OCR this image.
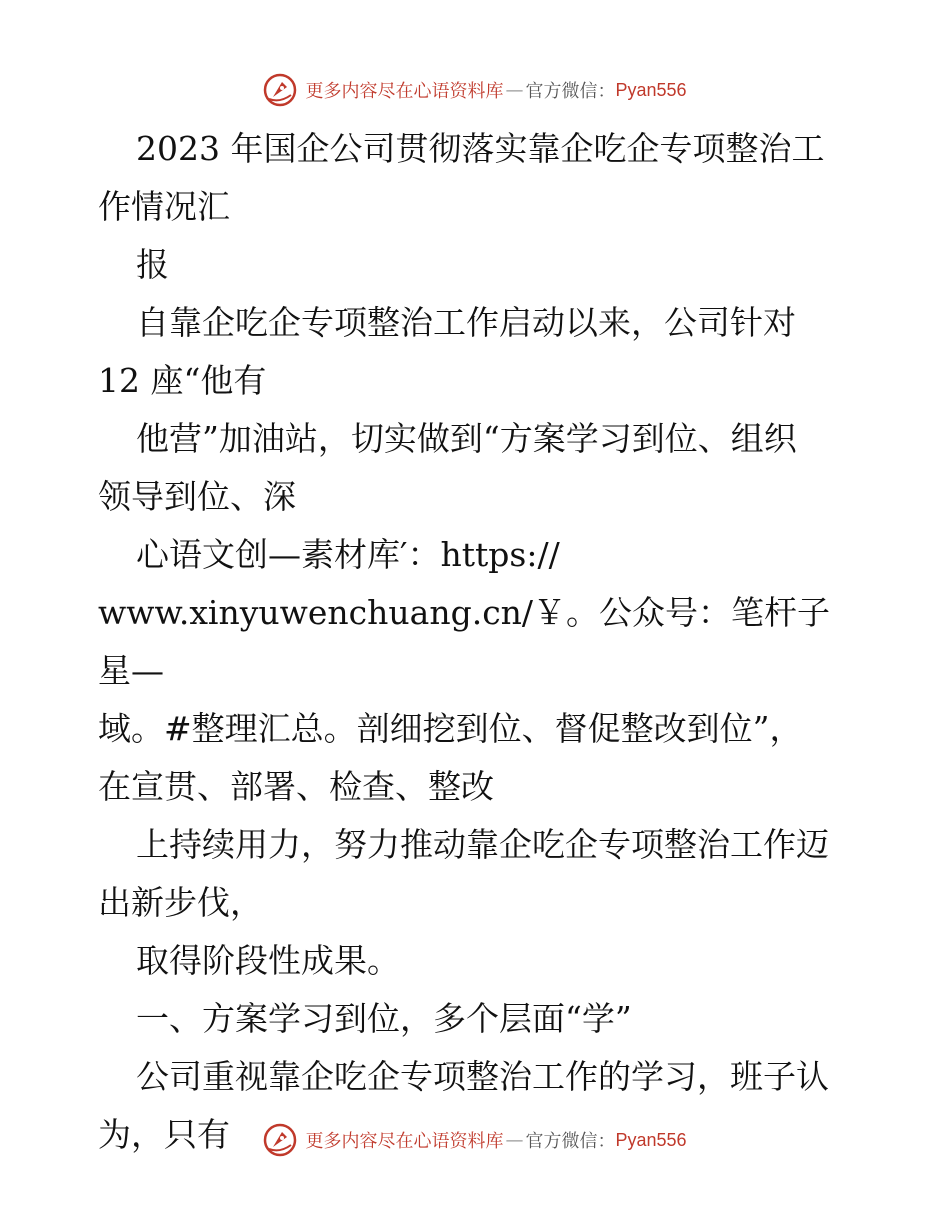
更多内容尽在心语资料库 — 官方微信： Pyan556

2023 年国企公司贯彻落实靠企吃企专项整治工

作情况汇

报

自靠企吃企专项整治工作启动以来，公司针对

12 座“他有

他营”加油站，切实做到“方案学习到位、组织

领导到位、深

心语文创—素材库′：https://

www.xinyuwenchuang.cn/￥。公众号：笔杆子星—

域。#整理汇总。剖细挖到位、督促整改到位”，

在宣贯、部署、检查、整改

上持续用力，努力推动靠企吃企专项整治工作迈

出新步伐，

取得阶段性成果。

一、方案学习到位，多个层面“学”

公司重视靠企吃企专项整治工作的学习，班子认

为，只有	更多内容尽在心语资料库 — 官方微信： Pyan556
